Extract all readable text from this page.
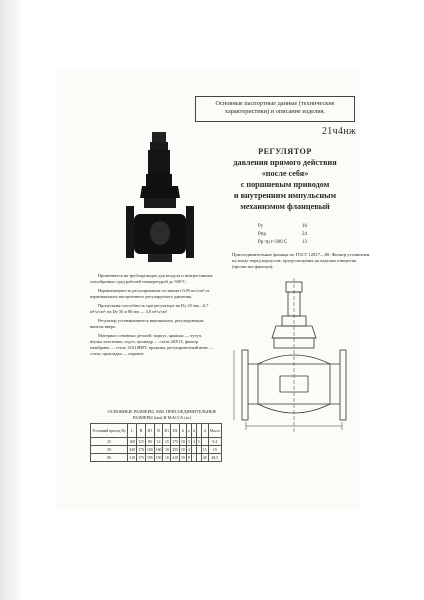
Основные паспортные данные (технические характеристики) и описание изделия.
21ч4нж
РЕГУЛЯТОР
давления прямого действия
«после себя»
с поршневым приводом
и внутренним импульсным
механизмом фланцевый
Pу	16
Pпр	24
Pр·тр t=300 C	13
Присоединительные фланцы по ГОСТ 12817—80. Фильтр установлен на входе перед корпусом; предусмотрены на изделии отверстия (прочистка фильтра);

Применяется на трубопроводах для воздуха и неагрессивных газообразных сред рабочей температурой до 300°С.

Неравномерность регулирования составляет 0,05 кгс/см² от первоначально настроенного регулируемого давления.

Пропускная способность при регуляторе на Dу 25 мм—0,7 м³/ч/см²; на Dу 50 и 80 мм — 3,0 м³/ч/см².

Регулятор устанавливается вертикально, регулирующим винтом вверх.

Материал основных деталей: корпус, крышка — чугун, втулка золотника, седло, цилиндр — сталь 20Х13, фильтр мембраны — сталь 12Х18Н9Т, пружина, регулировочный винт — сталь; прокладка — паронит.

ОСНОВНЫЕ РАЗМЕРЫ, ММ, ПРИСОЕДИНИТЕЛЬНЫЕ РАЗМЕРЫ (мм) И МАССА (кг)
Условный проход Dу	L	H	H1	D	D1	D2	b	z	d		d	Масса
25	160	115	80	14	15	175	19	3	4	5		9,4
50	230	170	100	160	19	255	19	4			15	19
80	310	175	195	150	18	410	19	8			48	48,5
